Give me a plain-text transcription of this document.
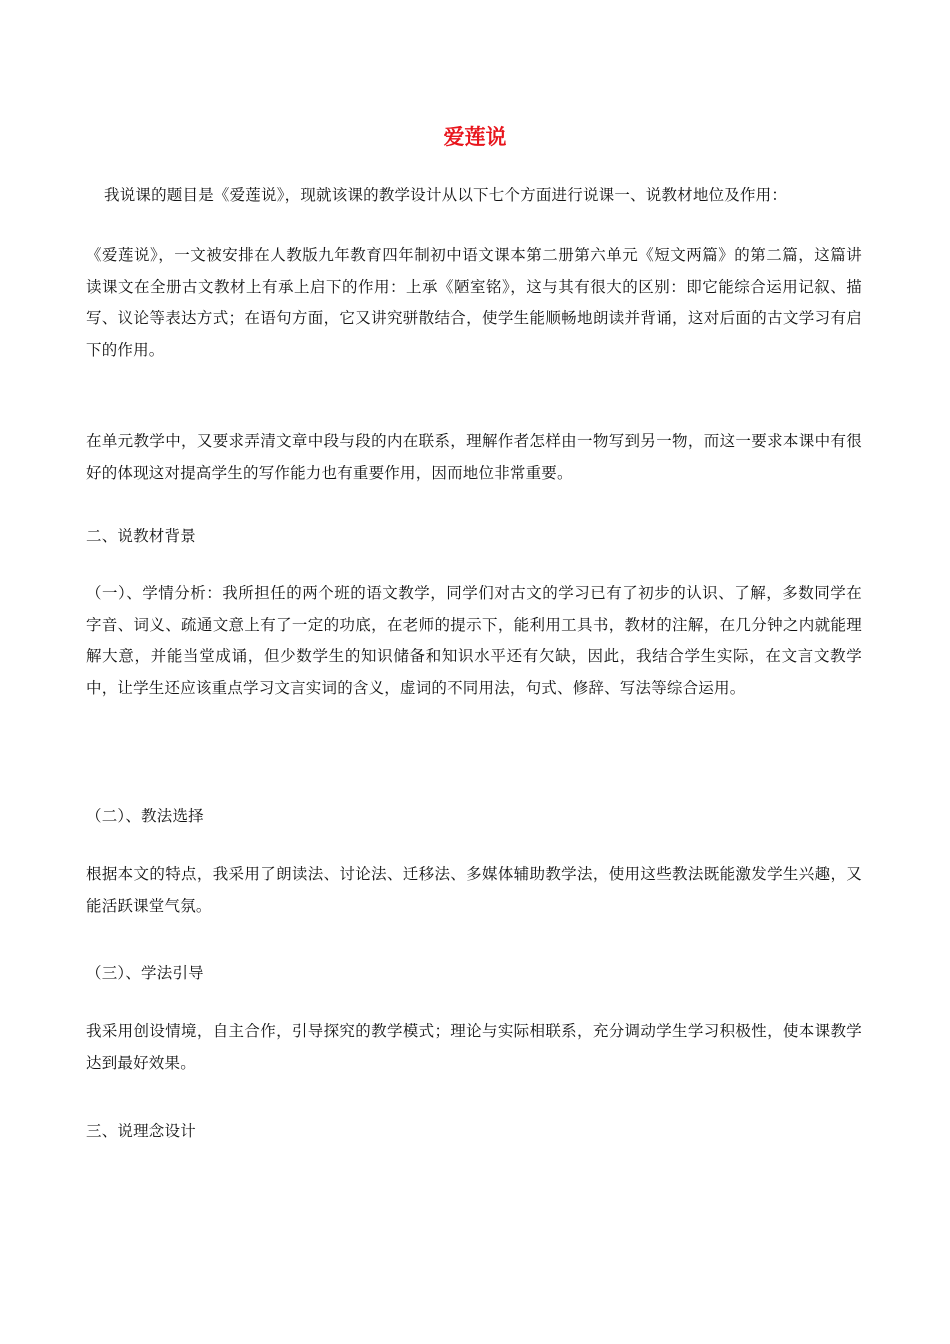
爱莲说
我说课的题目是《爱莲说》，现就该课的教学设计从以下七个方面进行说课一、说教材地位及作用：
《爱莲说》，一文被安排在人教版九年教育四年制初中语文课本第二册第六单元《短文两篇》的第二篇，这篇讲读课文在全册古文教材上有承上启下的作用：上承《陋室铭》，这与其有很大的区别：即它能综合运用记叙、描写、议论等表达方式；在语句方面，它又讲究骈散结合，使学生能顺畅地朗读并背诵，这对后面的古文学习有启下的作用。
在单元教学中，又要求弄清文章中段与段的内在联系，理解作者怎样由一物写到另一物，而这一要求本课中有很好的体现这对提高学生的写作能力也有重要作用，因而地位非常重要。
二、说教材背景
（一）、学情分析：我所担任的两个班的语文教学，同学们对古文的学习已有了初步的认识、了解，多数同学在字音、词义、疏通文意上有了一定的功底，在老师的提示下，能利用工具书，教材的注解，在几分钟之内就能理解大意，并能当堂成诵，但少数学生的知识储备和知识水平还有欠缺，因此，我结合学生实际，在文言文教学中，让学生还应该重点学习文言实词的含义，虚词的不同用法，句式、修辞、写法等综合运用。
（二）、教法选择
根据本文的特点，我采用了朗读法、讨论法、迁移法、多媒体辅助教学法，使用这些教法既能激发学生兴趣，又能活跃课堂气氛。
（三）、学法引导
我采用创设情境，自主合作，引导探究的教学模式；理论与实际相联系，充分调动学生学习积极性，使本课教学达到最好效果。
三、说理念设计
